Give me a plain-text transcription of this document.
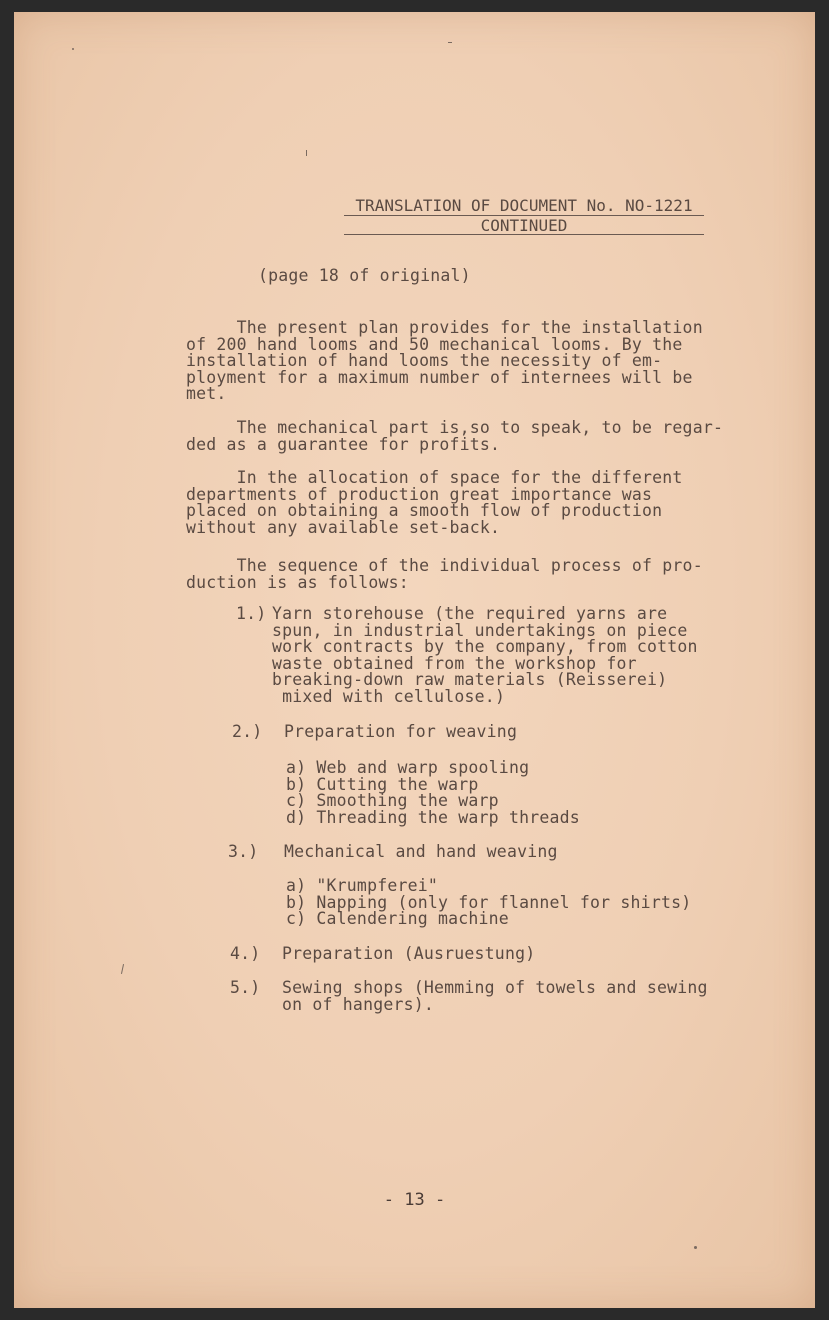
TRANSLATION OF DOCUMENT No. NO-1221
CONTINUED
(page 18 of original)
The present plan provides for the installation
of 200 hand looms and 50 mechanical looms. By the
installation of hand looms the necessity of em-
ployment for a maximum number of internees will be
met.
The mechanical part is,so to speak, to be regar-
ded as a guarantee for profits.
In the allocation of space for the different
departments of production great importance was
placed on obtaining a smooth flow of production
without any available set-back.
The sequence of the individual process of pro-
duction is as follows:
1.) Yarn storehouse (the required yarns are
spun, in industrial undertakings on piece
work contracts by the company, from cotton
waste obtained from the workshop for
breaking-down raw materials (Reisserei)
mixed with cellulose.)
2.) Preparation for weaving
a) Web and warp spooling
b) Cutting the warp
c) Smoothing the warp
d) Threading the warp threads
3.) Mechanical and hand weaving
a) "Krumpferei"
b) Napping (only for flannel for shirts)
c) Calendering machine
4.) Preparation (Ausruestung)
5.) Sewing shops (Hemming of towels and sewing
on of hangers).
- 13 -
